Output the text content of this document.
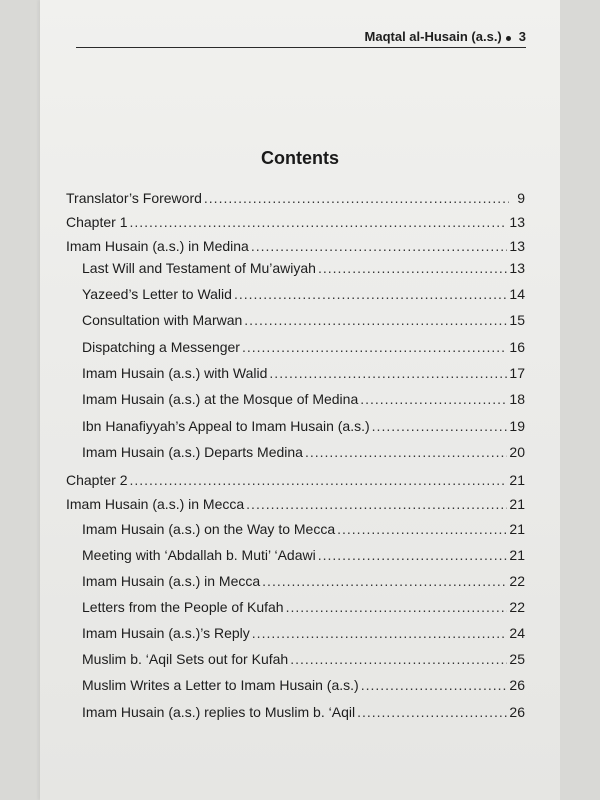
Maqtal al-Husain (a.s.) 3
Contents
Translator’s Foreword .....	9
Chapter 1 .....	13
Imam Husain (a.s.) in Medina .....	13
Last Will and Testament of Mu’awiyah .....	13
Yazeed’s Letter to Walid .....	14
Consultation with Marwan .....	15
Dispatching a Messenger .....	16
Imam Husain (a.s.) with Walid .....	17
Imam Husain (a.s.) at the Mosque of Medina .....	18
Ibn Hanafiyyah’s Appeal to Imam Husain (a.s.) .....	19
Imam Husain (a.s.) Departs Medina .....	20
Chapter 2 .....	21
Imam Husain (a.s.) in Mecca .....	21
Imam Husain (a.s.) on the Way to Mecca .....	21
Meeting with ‘Abdallah b. Muti’ ‘Adawi .....	21
Imam Husain (a.s.) in Mecca .....	22
Letters from the People of Kufah .....	22
Imam Husain (a.s.)’s Reply .....	24
Muslim b. ‘Aqil Sets out for Kufah .....	25
Muslim Writes a Letter to Imam Husain (a.s.) .....	26
Imam Husain (a.s.) replies to Muslim b. ‘Aqil .....	26
